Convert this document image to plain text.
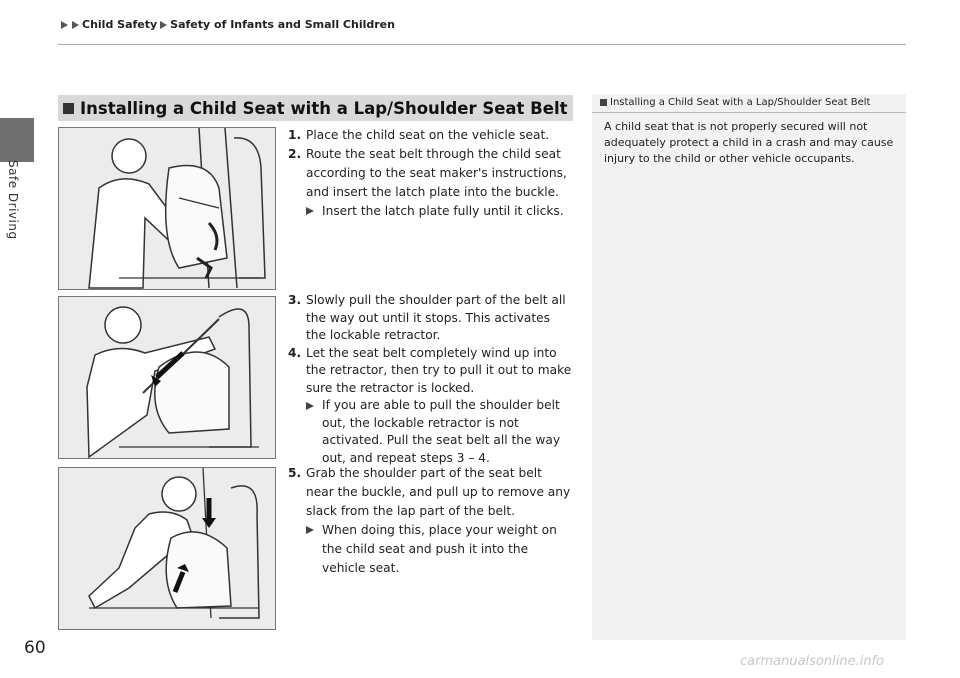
Child Safety Safety of Infants and Small Children
Safe Driving
Installing a Child Seat with a Lap/Shoulder Seat Belt
1. Place the child seat on the vehicle seat.
2. Route the seat belt through the child seat according to the seat maker's instructions, and insert the latch plate into the buckle.
Insert the latch plate fully until it clicks.
3. Slowly pull the shoulder part of the belt all the way out until it stops. This activates the lockable retractor.
4. Let the seat belt completely wind up into the retractor, then try to pull it out to make sure the retractor is locked.
If you are able to pull the shoulder belt out, the lockable retractor is not activated. Pull the seat belt all the way out, and repeat steps 3 – 4.
5. Grab the shoulder part of the seat belt near the buckle, and pull up to remove any slack from the lap part of the belt.
When doing this, place your weight on the child seat and push it into the vehicle seat.
Installing a Child Seat with a Lap/Shoulder Seat Belt
A child seat that is not properly secured will not adequately protect a child in a crash and may cause injury to the child or other vehicle occupants.
60
carmanualsonline.info
